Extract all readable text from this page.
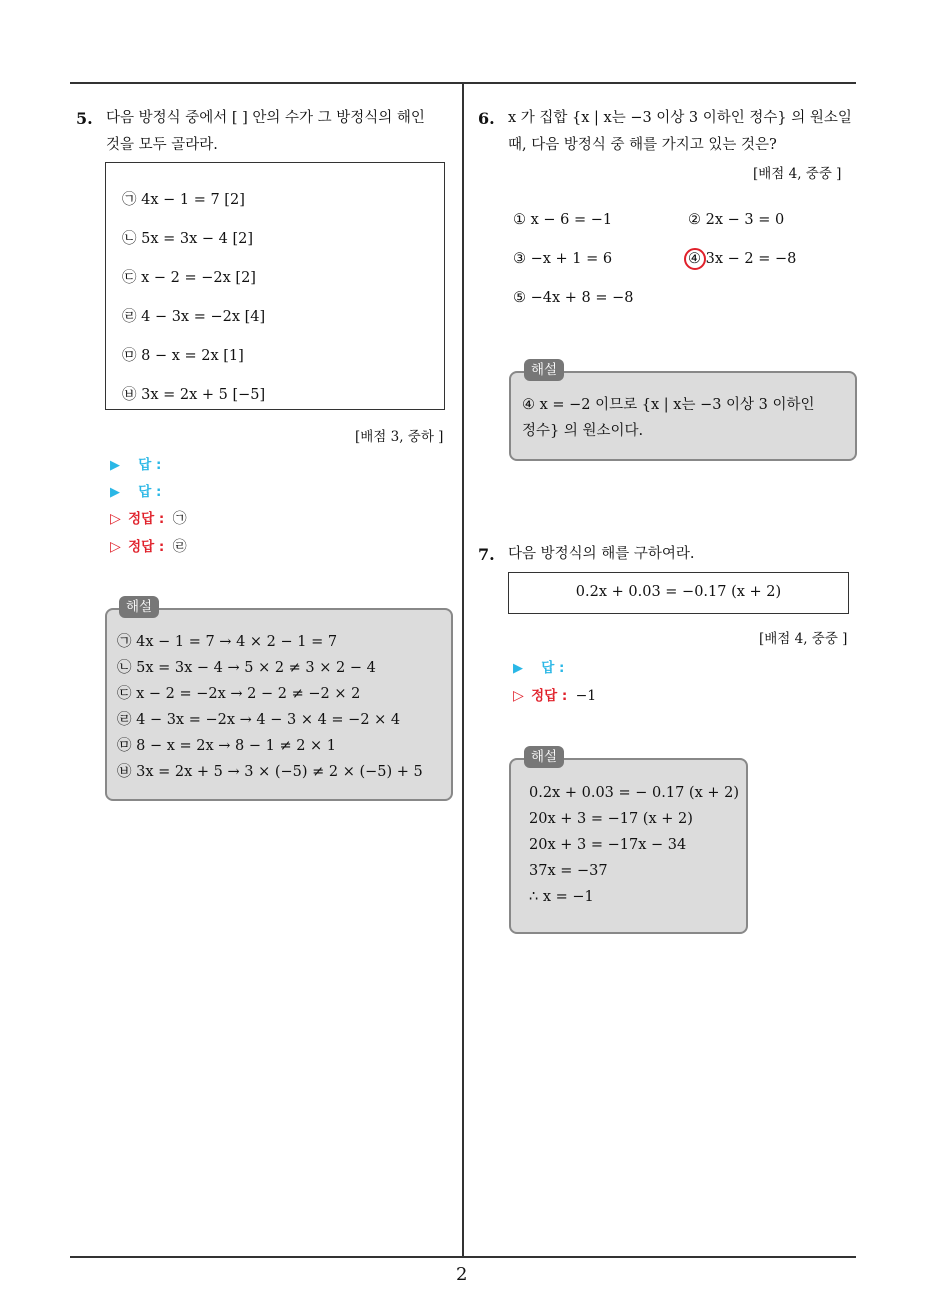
2
5. 다음 방정식 중에서 [ ] 안의 수가 그 방정식의 해인
것을 모두 골라라.
㉠ 4x − 1 = 7 [2]
㉡ 5x = 3x − 4 [2]
㉢ x − 2 = −2x [2]
㉣ 4 − 3x = −2x [4]
㉤ 8 − x = 2x [1]
㉥ 3x = 2x + 5 [−5]
[배점 3, 중하 ]
▶ 답 :
▶ 답 :
▷ 정답 : ㉠
▷ 정답 : ㉣
해설
㉠ 4x − 1 = 7 → 4 × 2 − 1 = 7
㉡ 5x = 3x − 4 → 5 × 2 ≠ 3 × 2 − 4
㉢ x − 2 = −2x → 2 − 2 ≠ −2 × 2
㉣ 4 − 3x = −2x → 4 − 3 × 4 = −2 × 4
㉤ 8 − x = 2x → 8 − 1 ≠ 2 × 1
㉥ 3x = 2x + 5 → 3 × (−5) ≠ 2 × (−5) + 5
6. x 가 집합 {x | x는 −3 이상 3 이하인 정수} 의 원소일
때, 다음 방정식 중 해를 가지고 있는 것은?
[배점 4, 중중 ]
① x − 6 = −1	② 2x − 3 = 0
③ −x + 1 = 6	④ 3x − 2 = −8
⑤ −4x + 8 = −8
해설
④ x = −2 이므로 {x | x는 −3 이상 3 이하인
정수} 의 원소이다.
7. 다음 방정식의 해를 구하여라.
0.2x + 0.03 = −0.17 (x + 2)
[배점 4, 중중 ]
▶ 답 :
▷ 정답 : −1
해설
0.2x + 0.03 = − 0.17 (x + 2)
20x + 3 = −17 (x + 2)
20x + 3 = −17x − 34
37x = −37
∴ x = −1
